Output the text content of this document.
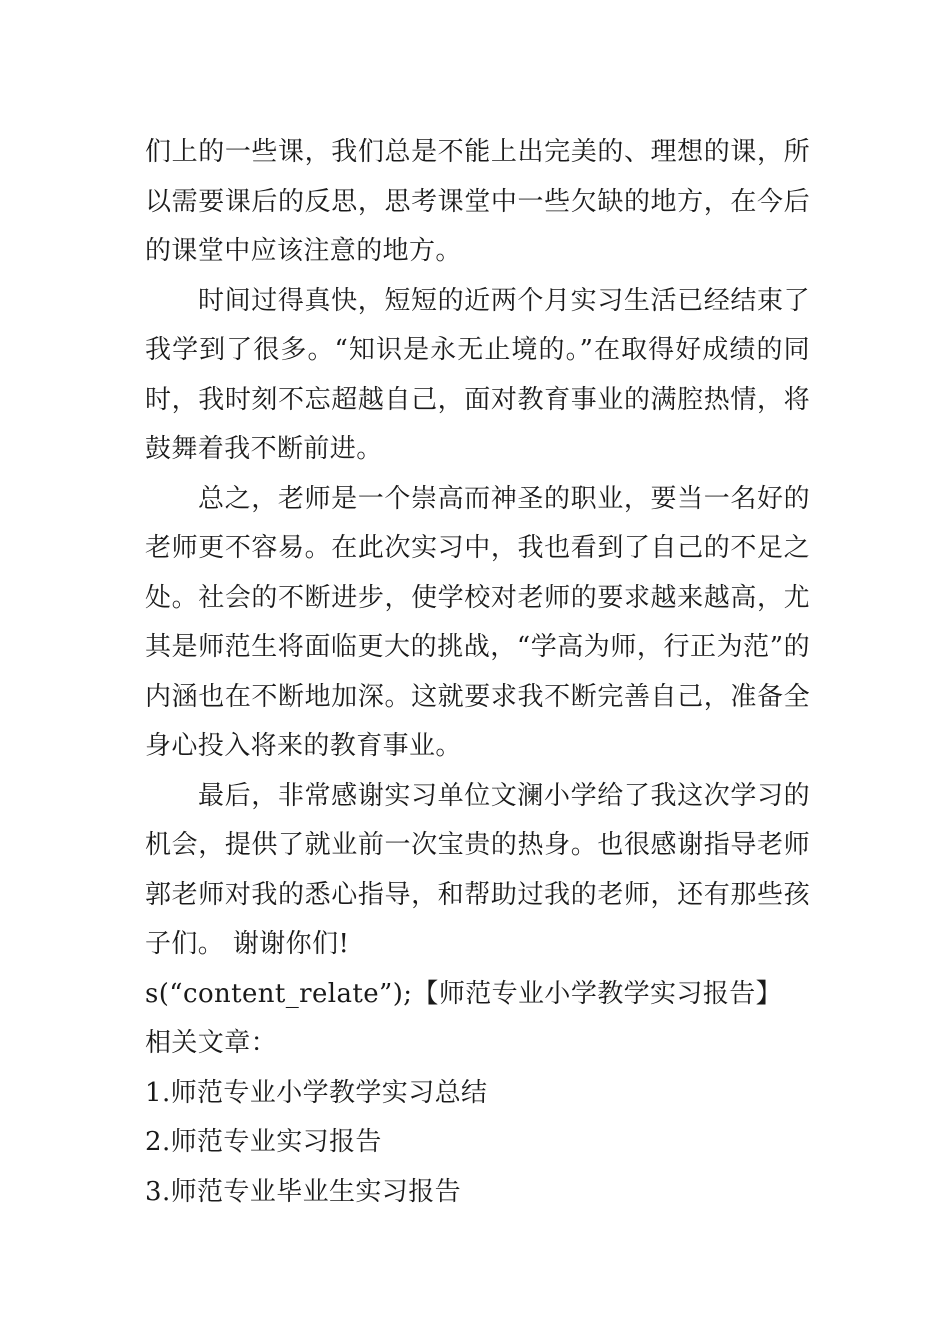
们上的一些课，我们总是不能上出完美的、理想的课，所以需要课后的反思，思考课堂中一些欠缺的地方，在今后的课堂中应该注意的地方。

时间过得真快，短短的近两个月实习生活已经结束了我学到了很多。“知识是永无止境的。”在取得好成绩的同时，我时刻不忘超越自己，面对教育事业的满腔热情，将鼓舞着我不断前进。

总之，老师是一个崇高而神圣的职业，要当一名好的老师更不容易。在此次实习中，我也看到了自己的不足之处。社会的不断进步，使学校对老师的要求越来越高，尤其是师范生将面临更大的挑战，“学高为师，行正为范”的内涵也在不断地加深。这就要求我不断完善自己，准备全身心投入将来的教育事业。

最后，非常感谢实习单位文澜小学给了我这次学习的机会，提供了就业前一次宝贵的热身。也很感谢指导老师郭老师对我的悉心指导，和帮助过我的老师，还有那些孩子们。 谢谢你们!

s(“content_relate”);【师范专业小学教学实习报告】

相关文章：

1.师范专业小学教学实习总结
2.师范专业实习报告
3.师范专业毕业生实习报告
